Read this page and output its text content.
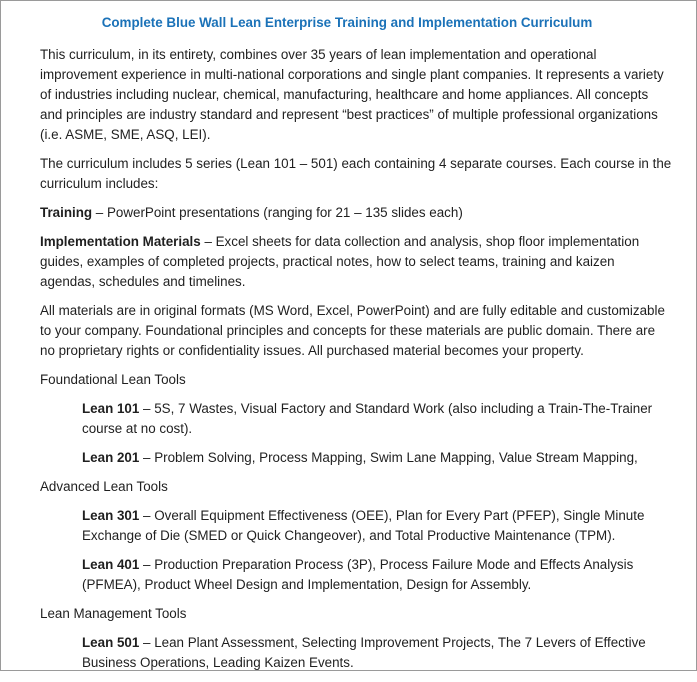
Complete Blue Wall Lean Enterprise Training and Implementation Curriculum

This curriculum, in its entirety, combines over 35 years of lean implementation and operational improvement experience in multi-national corporations and single plant companies. It represents a variety of industries including nuclear, chemical, manufacturing, healthcare and home appliances. All concepts and principles are industry standard and represent “best practices” of multiple professional organizations (i.e. ASME, SME, ASQ, LEI).

The curriculum includes 5 series (Lean 101 – 501) each containing 4 separate courses. Each course in the curriculum includes:

Training – PowerPoint presentations (ranging for 21 – 135 slides each)

Implementation Materials – Excel sheets for data collection and analysis, shop floor implementation guides, examples of completed projects, practical notes, how to select teams, training and kaizen agendas, schedules and timelines.

All materials are in original formats (MS Word, Excel, PowerPoint) and are fully editable and customizable to your company. Foundational principles and concepts for these materials are public domain. There are no proprietary rights or confidentiality issues. All purchased material becomes your property.

Foundational Lean Tools

Lean 101 – 5S, 7 Wastes, Visual Factory and Standard Work (also including a Train-The-Trainer course at no cost).

Lean 201 – Problem Solving, Process Mapping, Swim Lane Mapping, Value Stream Mapping,

Advanced Lean Tools

Lean 301 – Overall Equipment Effectiveness (OEE), Plan for Every Part (PFEP), Single Minute Exchange of Die (SMED or Quick Changeover), and Total Productive Maintenance (TPM).

Lean 401 – Production Preparation Process (3P), Process Failure Mode and Effects Analysis (PFMEA), Product Wheel Design and Implementation, Design for Assembly.

Lean Management Tools

Lean 501 – Lean Plant Assessment, Selecting Improvement Projects, The 7 Levers of Effective Business Operations, Leading Kaizen Events.
